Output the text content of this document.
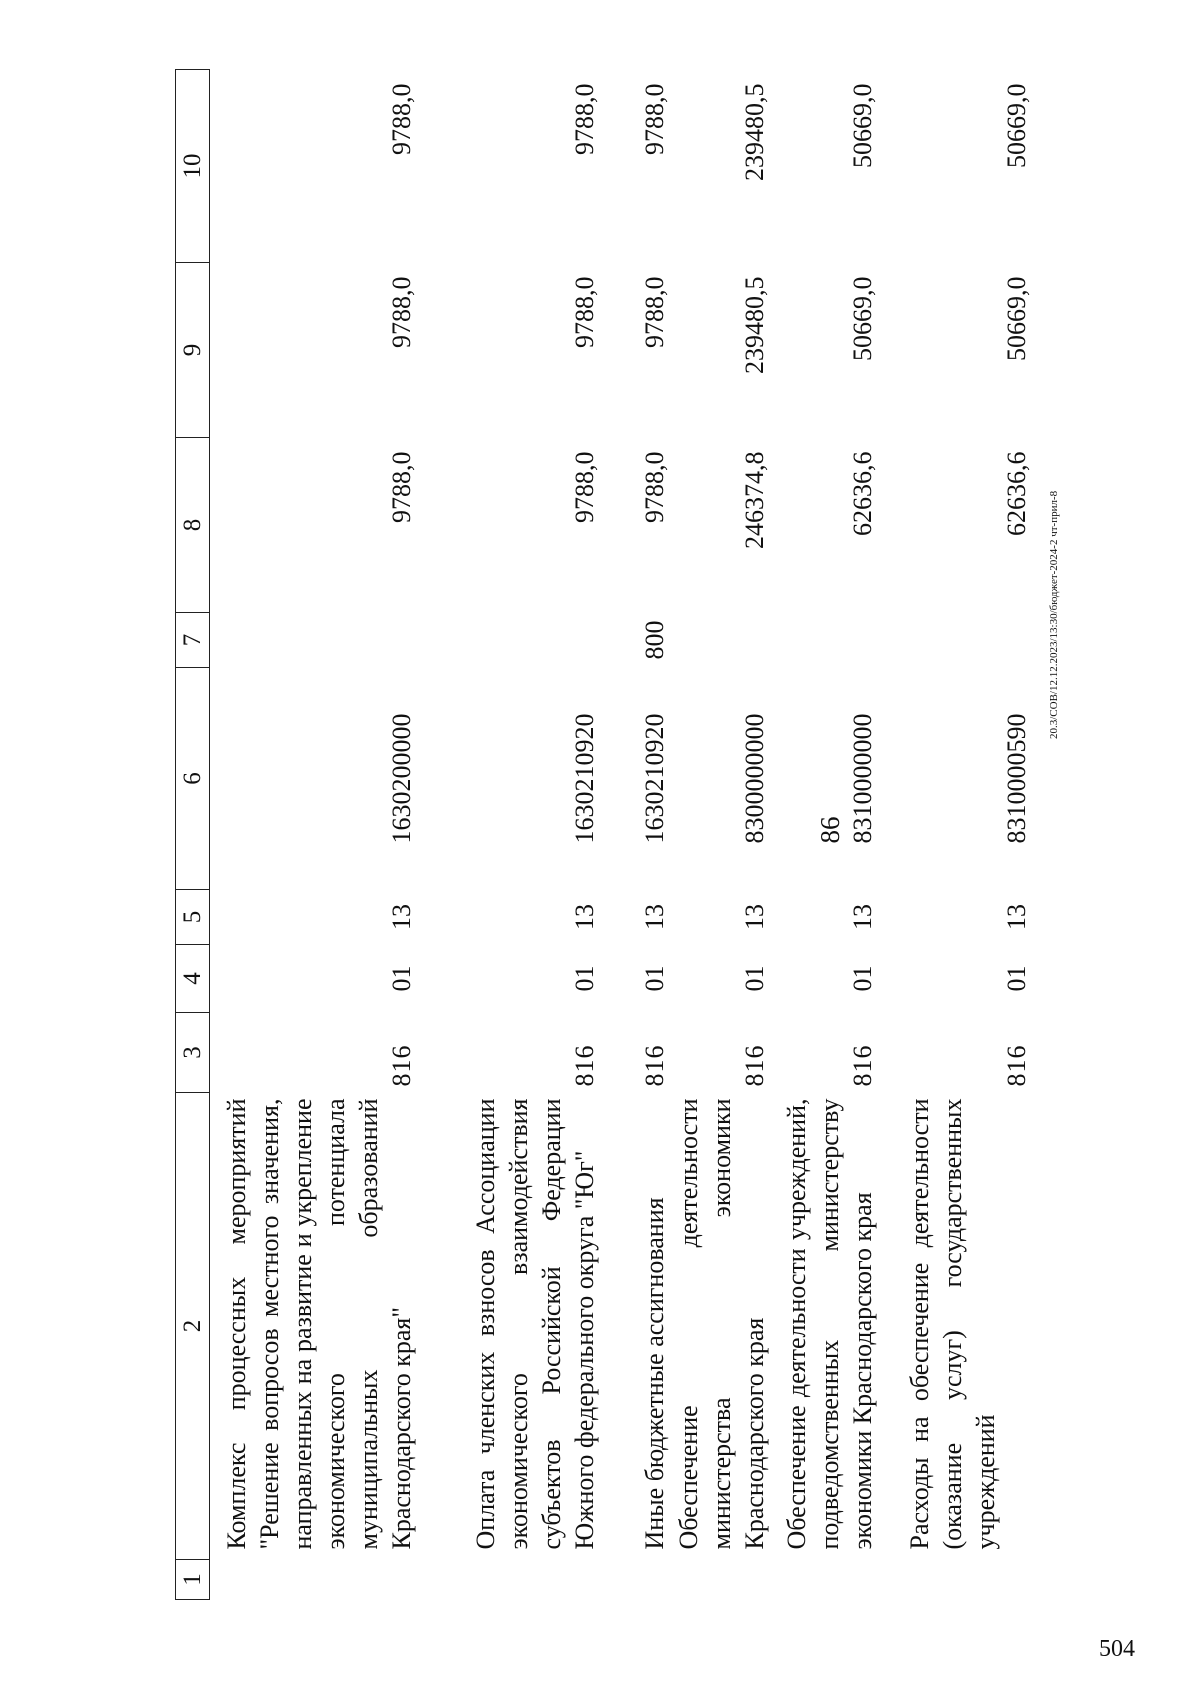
86
1	2	3	4	5	6	7	8	9	10
	Комплекс процессных мероприятий "Решение вопросов местного значения, направленных на развитие и укрепление экономического потенциала муниципальных образований Краснодарского края"	816	01	13	1630200000		9788,0	9788,0	9788,0
	Оплата членских взносов Ассоциации экономического взаимодействия субъектов Российской Федерации Южного федерального округа "Юг"	816	01	13	1630210920		9788,0	9788,0	9788,0
	Иные бюджетные ассигнования	816	01	13	1630210920	800	9788,0	9788,0	9788,0
	Обеспечение деятельности министерства экономики Краснодарского края	816	01	13	8300000000		246374,8	239480,5	239480,5
	Обеспечение деятельности учреждений, подведомственных министерству экономики Краснодарского края	816	01	13	8310000000		62636,6	50669,0	50669,0
	Расходы на обеспечение деятельности (оказание услуг) государственных учреждений	816	01	13	8310000590		62636,6	50669,0	50669,0
20.3/СОВ/12.12.2023/13:30/бюджет-2024-2 чт-прил-8
504
